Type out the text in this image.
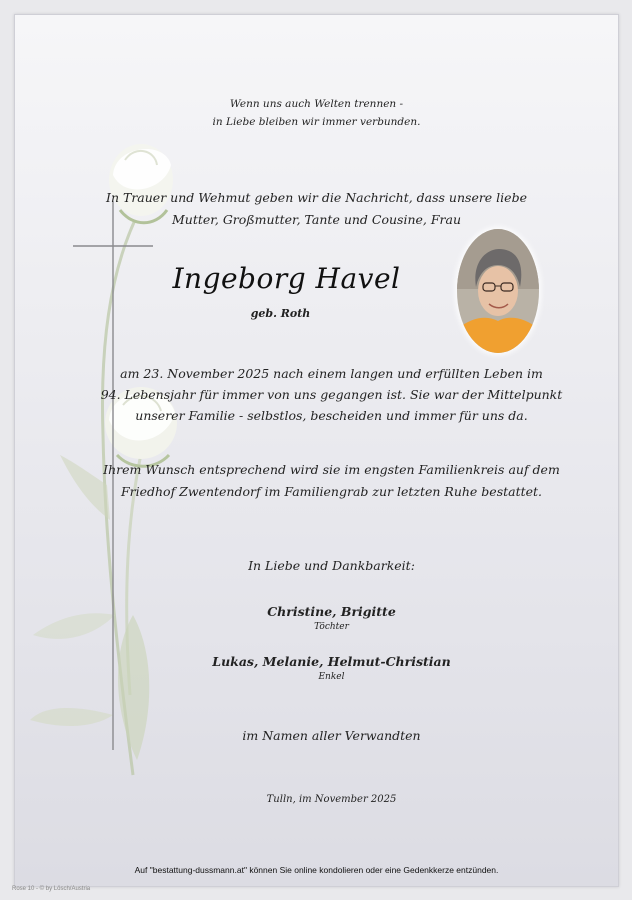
Wenn uns auch Welten trennen -
in Liebe bleiben wir immer verbunden.
In Trauer und Wehmut geben wir die Nachricht, dass unsere liebe
Mutter, Großmutter, Tante und Cousine, Frau
Ingeborg Havel
geb. Roth
am 23. November 2025 nach einem langen und erfüllten Leben im
94. Lebensjahr für immer von uns gegangen ist. Sie war der Mittelpunkt
unserer Familie - selbstlos, bescheiden und immer für uns da.
Ihrem Wunsch entsprechend wird sie im engsten Familienkreis auf dem
Friedhof Zwentendorf im Familiengrab zur letzten Ruhe bestattet.
In Liebe und Dankbarkeit:
Christine, Brigitte
Töchter
Lukas, Melanie, Helmut-Christian
Enkel
im Namen aller Verwandten
Tulln, im November 2025
Auf "bestattung-dussmann.at" können Sie online kondolieren oder eine Gedenkkerze entzünden.
Rose 10 - © by Lösch/Austria
